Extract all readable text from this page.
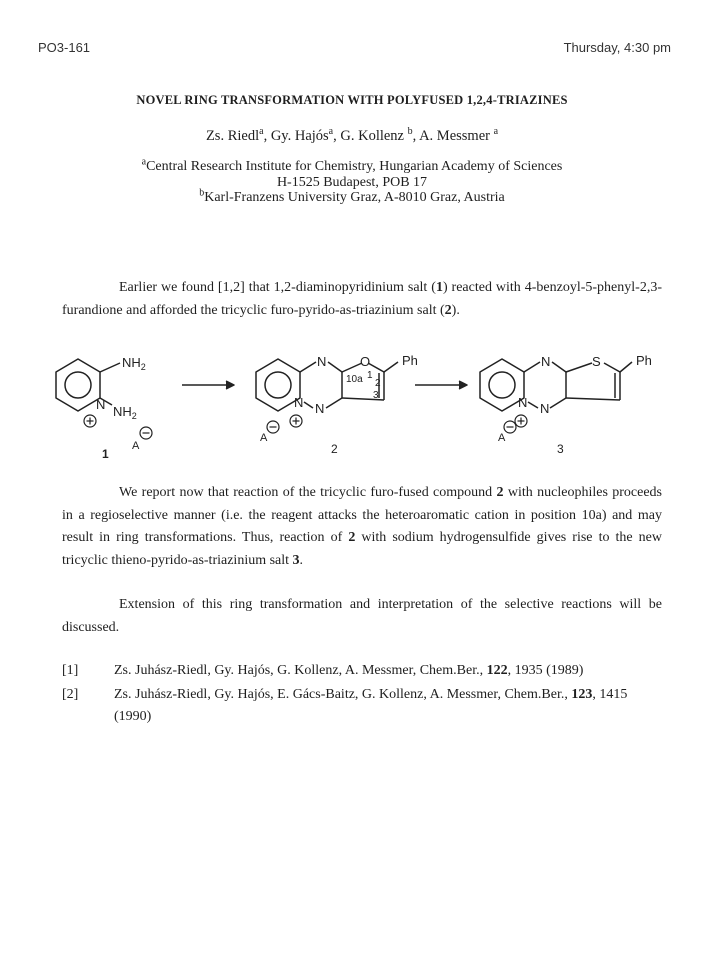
PO3-161	Thursday, 4:30 pm
NOVEL RING TRANSFORMATION WITH POLYFUSED 1,2,4-TRIAZINES
Zs. Riedl$^a$, Gy. Hajós$^a$, G. Kollenz $^b$, A. Messmer $^a$
$^a$Central Research Institute for Chemistry, Hungarian Academy of Sciences
H-1525 Budapest, POB 17
$^b$Karl-Franzens University Graz, A-8010 Graz, Austria
Earlier we found [1,2] that 1,2-diaminopyridinium salt (1) reacted with 4-benzoyl-5-phenyl-2,3-furandione and afforded the tricyclic furo-pyrido-as-triazinium salt (2).
$NH_2$
N $NH_2$
A
1
N	O Ph
10a 1
2
3
N N
A
2
N	S	Ph
N N
A
3
We report now that reaction of the tricyclic furo-fused compound 2 with nucleophiles proceeds in a regioselective manner (i.e. the reagent attacks the heteroaromatic cation in position 10a) and may result in ring transformations. Thus, reaction of 2 with sodium hydrogensulfide gives rise to the new tricyclic thieno-pyrido-as-triazinium salt 3.
Extension of this ring transformation and interpretation of the selective reactions will be discussed.
[1]	Zs. Juhász-Riedl, Gy. Hajós, G. Kollenz, A. Messmer, Chem.Ber., 122, 1935 (1989)
[2]	Zs. Juhász-Riedl, Gy. Hajós, E. Gács-Baitz, G. Kollenz, A. Messmer, Chem.Ber., 123, 1415 (1990)
